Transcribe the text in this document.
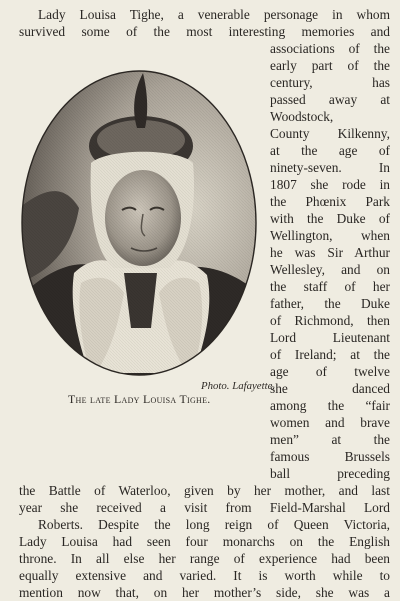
Lady Louisa Tighe, a venerable personage in whom
survived some of the most interesting memories and
associations of the
early part of the
century, has
passed away at
Woodstock,
County Kilkenny,
at the age of
ninety-seven. In
1807 she rode in
the Phœnix Park
with the Duke of
Wellington, when
he was Sir Arthur
Wellesley, and on
the staff of her
father, the Duke
of Richmond, then
Lord Lieutenant
of Ireland; at the
age of twelve
she danced
among the “fair
women and brave
men” at the
famous Brussels
ball preceding
the Battle of Waterloo, given by her mother, and last
year she received a visit from Field-Marshal Lord
Roberts. Despite the long reign of Queen Victoria,
Lady Louisa had seen four monarchs on the English
throne. In all else her range of experience had been
equally extensive and varied. It is worth while to
mention now that, on her mother’s side, she was a
Photo. Lafayette.
The late Lady Louisa Tighe.
